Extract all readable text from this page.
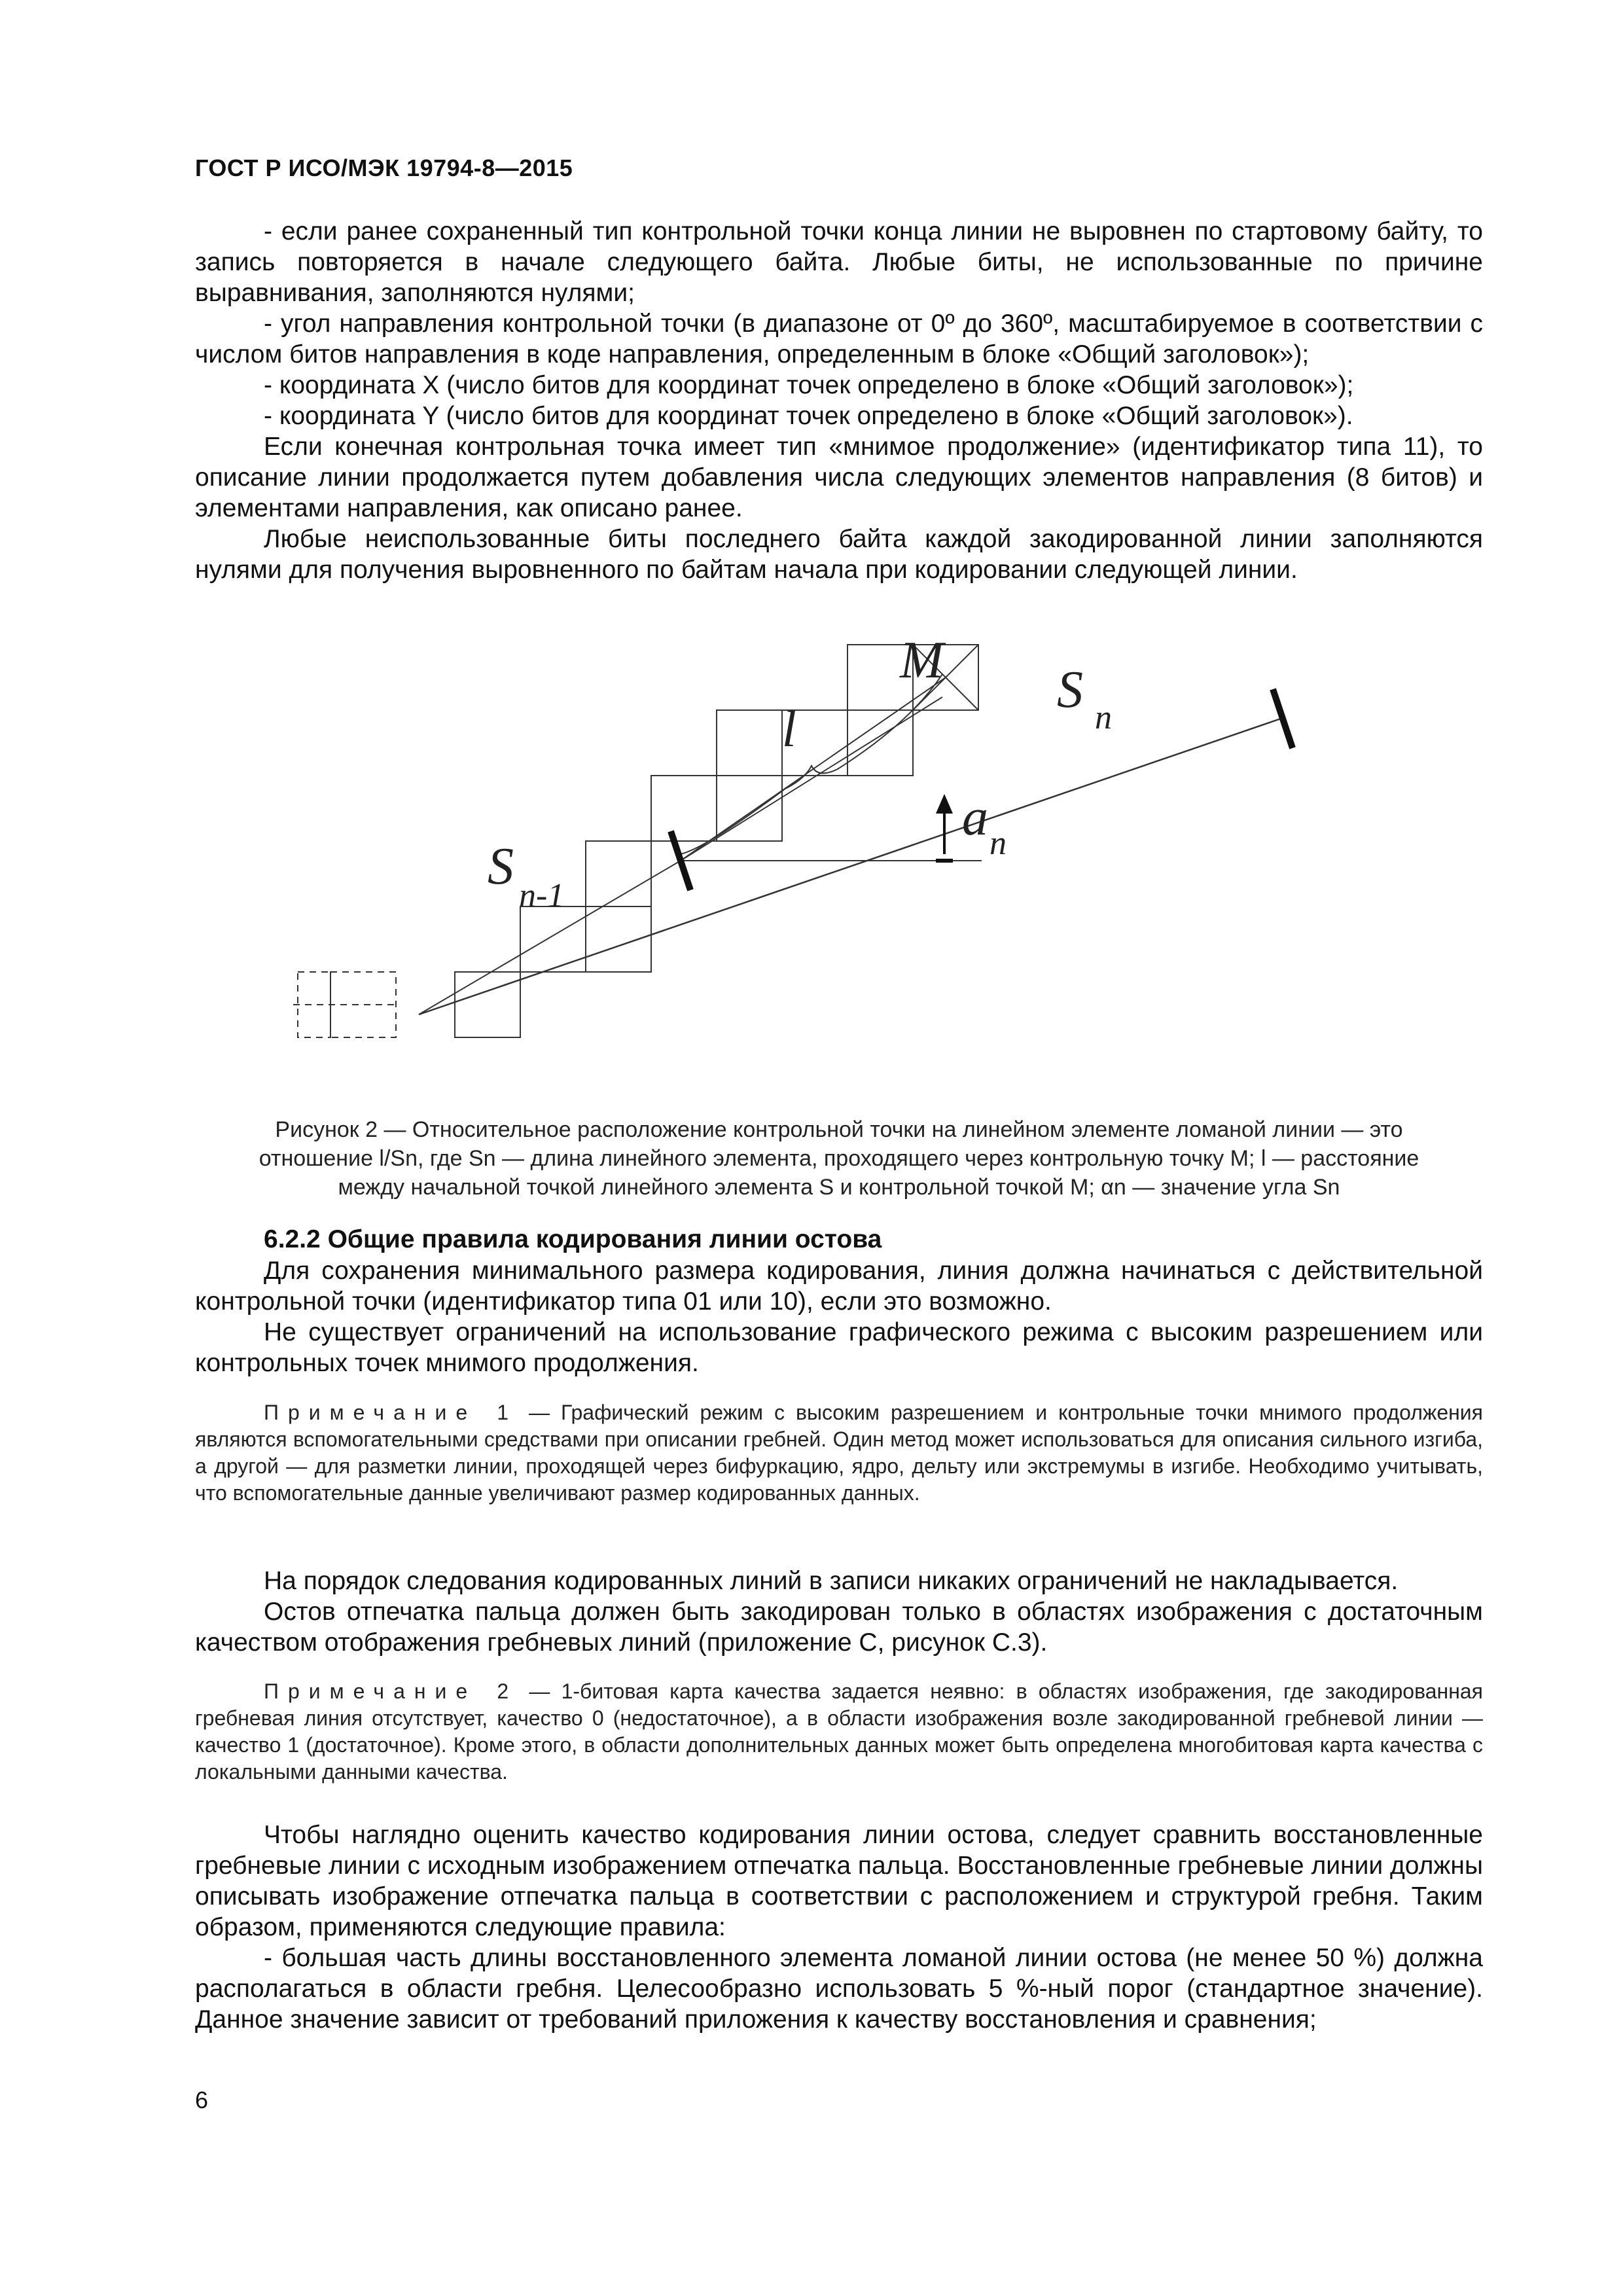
ГОСТ Р ИСО/МЭК 19794-8—2015

- если ранее сохраненный тип контрольной точки конца линии не выровнен по стартовому байту, то запись повторяется в начале следующего байта. Любые биты, не использованные по причине выравнивания, заполняются нулями;

- угол направления контрольной точки (в диапазоне от 0º до 360º, масштабируемое в соответствии с числом битов направления в коде направления, определенным в блоке «Общий заголовок»);

- координата X (число битов для координат точек определено в блоке «Общий заголовок»);

- координата Y (число битов для координат точек определено в блоке «Общий заголовок»).

Если конечная контрольная точка имеет тип «мнимое продолжение» (идентификатор типа 11), то описание линии продолжается путем добавления числа следующих элементов направления (8 битов) и элементами направления, как описано ранее.

Любые неиспользованные биты последнего байта каждой закодированной линии заполняются нулями для получения выровненного по байтам начала при кодировании следующей линии.

M
l
S n
S
n-1
a n
Рисунок 2 — Относительное расположение контрольной точки на линейном элементе ломаной линии — это
отношение l/Sn, где Sn — длина линейного элемента, проходящего через контрольную точку M; l — расстояние
между начальной точкой линейного элемента S и контрольной точкой M; αn — значение угла Sn
6.2.2 Общие правила кодирования линии остова

Для сохранения минимального размера кодирования, линия должна начинаться с действительной контрольной точки (идентификатор типа 01 или 10), если это возможно.

Не существует ограничений на использование графического режима с высоким разрешением или контрольных точек мнимого продолжения.

Примечание 1 — Графический режим с высоким разрешением и контрольные точки мнимого продолжения являются вспомогательными средствами при описании гребней. Один метод может использоваться для описания сильного изгиба, а другой — для разметки линии, проходящей через бифуркацию, ядро, дельту или экстремумы в изгибе. Необходимо учитывать, что вспомогательные данные увеличивают размер кодированных данных.

На порядок следования кодированных линий в записи никаких ограничений не накладывается.

Остов отпечатка пальца должен быть закодирован только в областях изображения с достаточным качеством отображения гребневых линий (приложение С, рисунок С.3).

Примечание 2 — 1-битовая карта качества задается неявно: в областях изображения, где закодированная гребневая линия отсутствует, качество 0 (недостаточное), а в области изображения возле закодированной гребневой линии — качество 1 (достаточное). Кроме этого, в области дополнительных данных может быть определена многобитовая карта качества с локальными данными качества.

Чтобы наглядно оценить качество кодирования линии остова, следует сравнить восстановленные гребневые линии с исходным изображением отпечатка пальца. Восстановленные гребневые линии должны описывать изображение отпечатка пальца в соответствии с расположением и структурой гребня. Таким образом, применяются следующие правила:

- большая часть длины восстановленного элемента ломаной линии остова (не менее 50 %) должна располагаться в области гребня. Целесообразно использовать 5 %-ный порог (стандартное значение). Данное значение зависит от требований приложения к качеству восстановления и сравнения;

6
